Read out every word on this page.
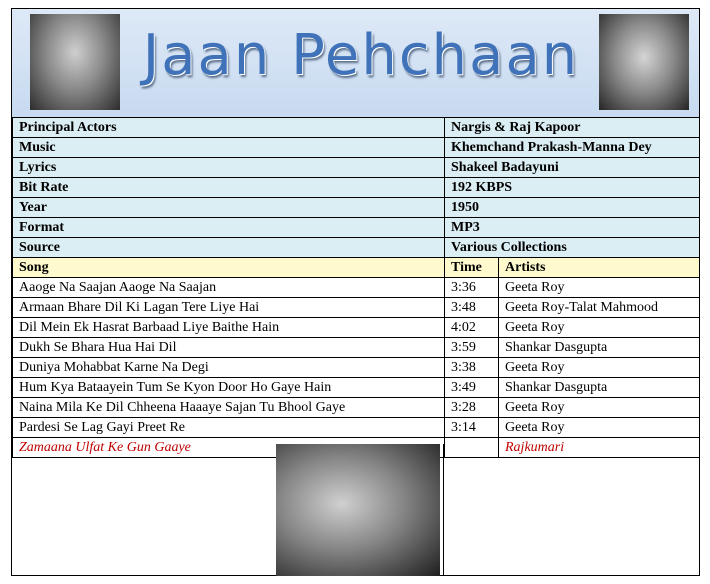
Jaan Pehchaan
Principal Actors	Nargis & Raj Kapoor	
Music	Khemchand Prakash-Manna Dey	
Lyrics	Shakeel Badayuni	
Bit Rate	192 KBPS	
Year	1950	
Format	MP3	
Source	Various Collections	
Song	Time	Artists
Aaoge Na Saajan Aaoge Na Saajan	3:36	Geeta Roy
Armaan Bhare Dil Ki Lagan Tere Liye Hai	3:48	Geeta Roy-Talat Mahmood
Dil Mein Ek Hasrat Barbaad Liye Baithe Hain	4:02	Geeta Roy
Dukh Se Bhara Hua Hai Dil	3:59	Shankar Dasgupta
Duniya Mohabbat Karne Na Degi	3:38	Geeta Roy
Hum Kya Bataayein Tum Se Kyon Door Ho Gaye Hain	3:49	Shankar Dasgupta
Naina Mila Ke Dil Chheena Haaaye Sajan Tu Bhool Gaye	3:28	Geeta Roy
Pardesi Se Lag Gayi Preet Re	3:14	Geeta Roy
Zamaana Ulfat Ke Gun Gaaye		Rajkumari
